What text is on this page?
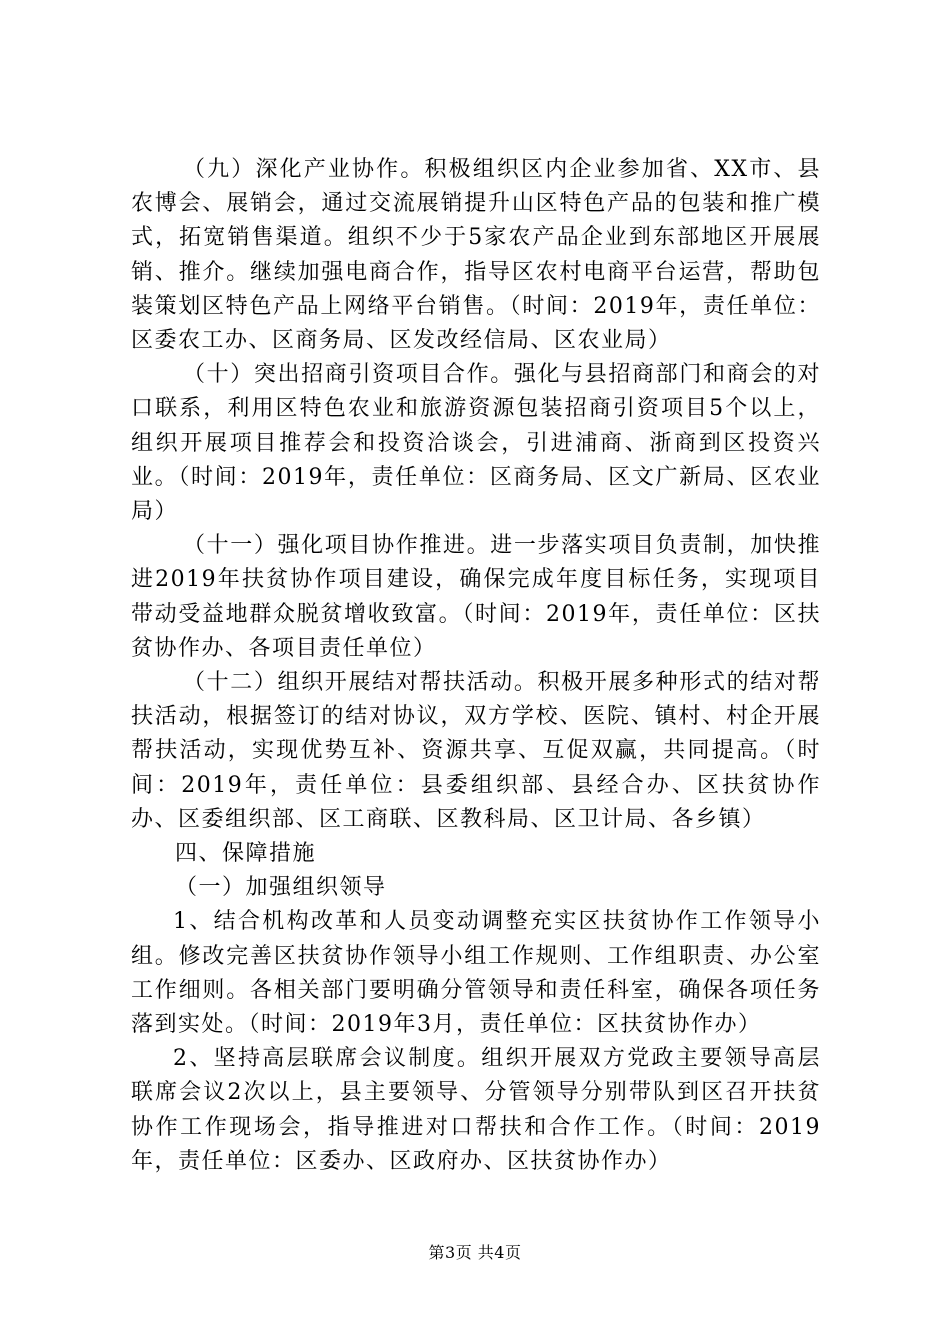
（九）深化产业协作。积极组织区内企业参加省、XX市、县农博会、展销会，通过交流展销提升山区特色产品的包装和推广模式，拓宽销售渠道。组织不少于5家农产品企业到东部地区开展展销、推介。继续加强电商合作，指导区农村电商平台运营，帮助包装策划区特色产品上网络平台销售。（时间：2019年，责任单位：区委农工办、区商务局、区发改经信局、区农业局）

（十）突出招商引资项目合作。强化与县招商部门和商会的对口联系，利用区特色农业和旅游资源包装招商引资项目5个以上，组织开展项目推荐会和投资洽谈会，引进浦商、浙商到区投资兴业。（时间：2019年，责任单位：区商务局、区文广新局、区农业局）

（十一）强化项目协作推进。进一步落实项目负责制，加快推进2019年扶贫协作项目建设，确保完成年度目标任务，实现项目带动受益地群众脱贫增收致富。（时间：2019年，责任单位：区扶贫协作办、各项目责任单位）

（十二）组织开展结对帮扶活动。积极开展多种形式的结对帮扶活动，根据签订的结对协议，双方学校、医院、镇村、村企开展帮扶活动，实现优势互补、资源共享、互促双赢，共同提高。（时间：2019年，责任单位：县委组织部、县经合办、区扶贫协作办、区委组织部、区工商联、区教科局、区卫计局、各乡镇）

四、保障措施

（一）加强组织领导

1、结合机构改革和人员变动调整充实区扶贫协作工作领导小组。修改完善区扶贫协作领导小组工作规则、工作组职责、办公室工作细则。各相关部门要明确分管领导和责任科室，确保各项任务落到实处。（时间：2019年3月，责任单位：区扶贫协作办）

2、坚持高层联席会议制度。组织开展双方党政主要领导高层联席会议2次以上，县主要领导、分管领导分别带队到区召开扶贫协作工作现场会，指导推进对口帮扶和合作工作。（时间：2019年，责任单位：区委办、区政府办、区扶贫协作办）

第3页 共4页
